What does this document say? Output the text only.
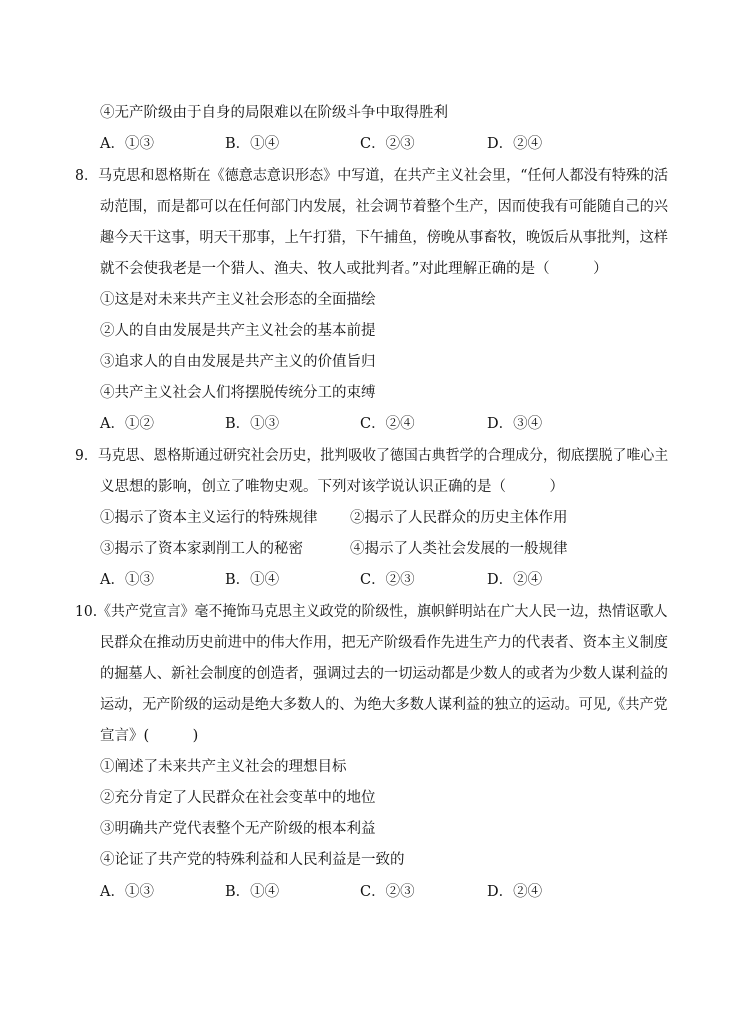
④无产阶级由于自身的局限难以在阶级斗争中取得胜利
A．①③	B．①④	C．②③	D．②④
8．马克思和恩格斯在《德意志意识形态》中写道，在共产主义社会里，“任何人都没有特殊的活
动范围，而是都可以在任何部门内发展，社会调节着整个生产，因而使我有可能随自己的兴
趣今天干这事，明天干那事，上午打猎，下午捕鱼，傍晚从事畜牧，晚饭后从事批判，这样
就不会使我老是一个猎人、渔夫、牧人或批判者。”对此理解正确的是（　　　）
①这是对未来共产主义社会形态的全面描绘
②人的自由发展是共产主义社会的基本前提
③追求人的自由发展是共产主义的价值旨归
④共产主义社会人们将摆脱传统分工的束缚
A．①②	B．①③	C．②④	D．③④
9．马克思、恩格斯通过研究社会历史，批判吸收了德国古典哲学的合理成分，彻底摆脱了唯心主
义思想的影响，创立了唯物史观。下列对该学说认识正确的是（　　　）
①揭示了资本主义运行的特殊规律 ②揭示了人民群众的历史主体作用
③揭示了资本家剥削工人的秘密	④揭示了人类社会发展的一般规律
A．①③	B．①④	C．②③	D．②④
10.《共产党宣言》毫不掩饰马克思主义政党的阶级性，旗帜鲜明站在广大人民一边，热情讴歌人
民群众在推动历史前进中的伟大作用，把无产阶级看作先进生产力的代表者、资本主义制度
的掘墓人、新社会制度的创造者，强调过去的一切运动都是少数人的或者为少数人谋利益的
运动，无产阶级的运动是绝大多数人的、为绝大多数人谋利益的独立的运动。可见,《共产党
宣言》(　　　)
①阐述了未来共产主义社会的理想目标
②充分肯定了人民群众在社会变革中的地位
③明确共产党代表整个无产阶级的根本利益
④论证了共产党的特殊利益和人民利益是一致的
A．①③	B．①④	C．②③	D．②④
